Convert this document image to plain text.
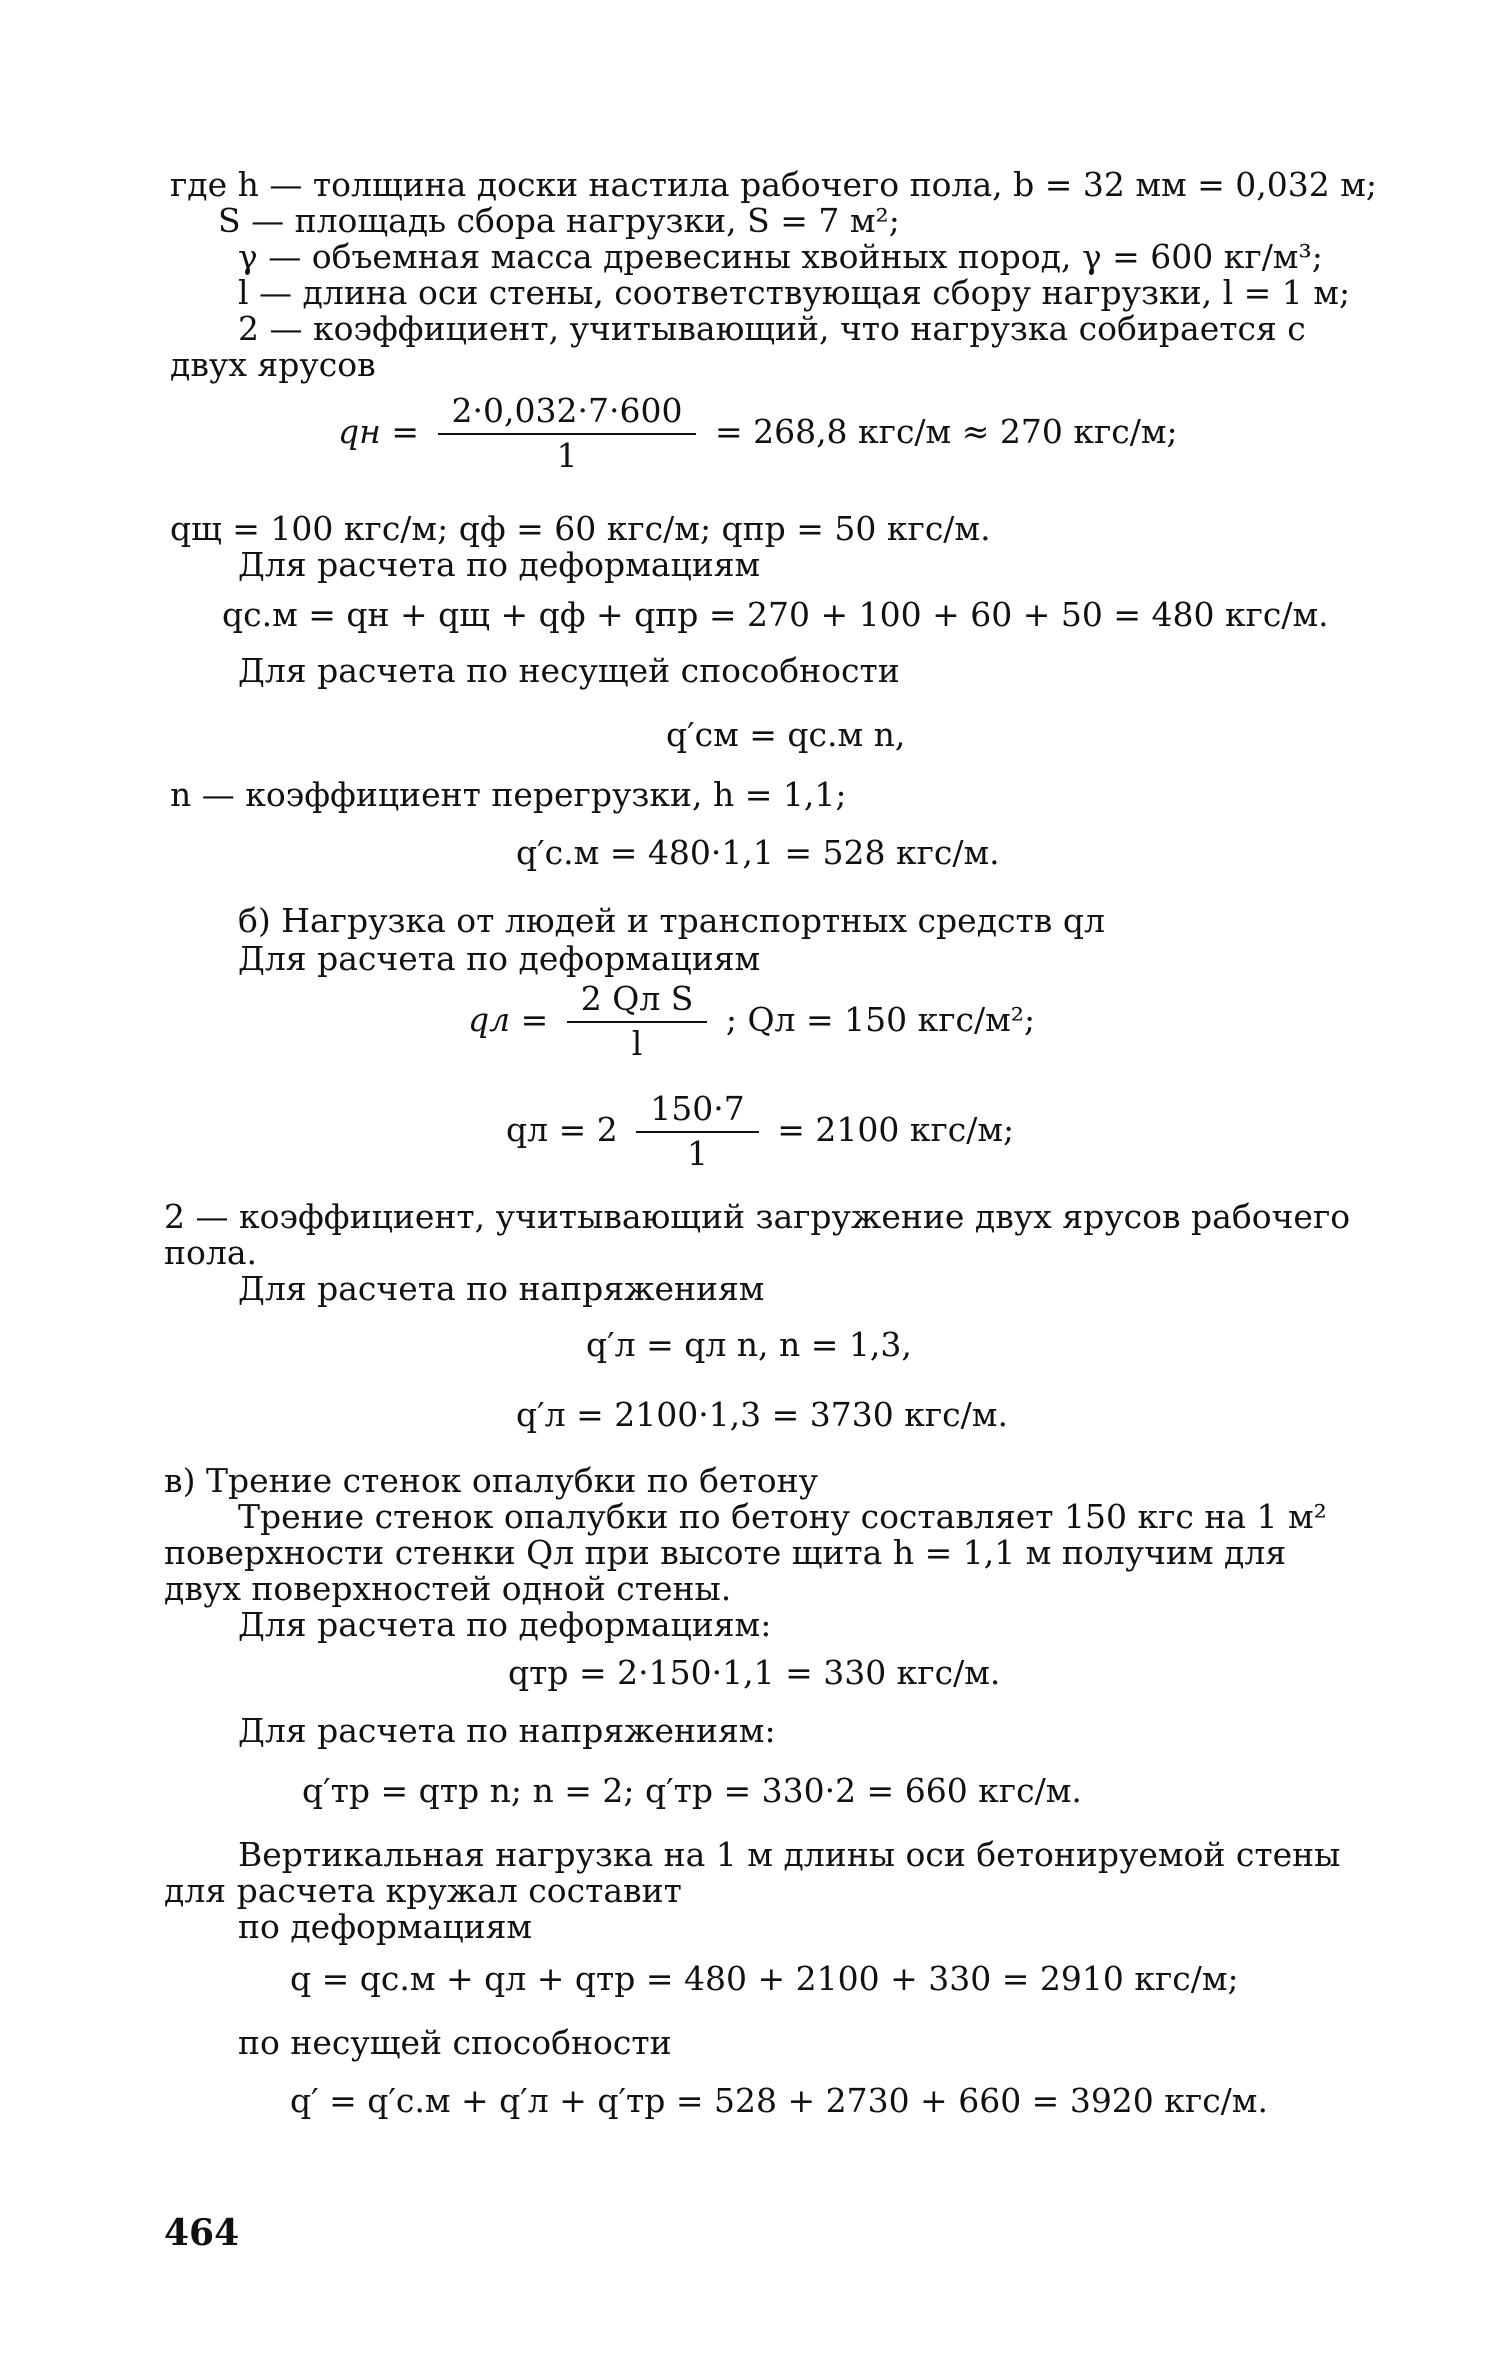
где h — толщина доски настила рабочего пола, b = 32 мм = 0,032 м;
S — площадь сбора нагрузки, S = 7 м²;
γ — объемная масса древесины хвойных пород, γ = 600 кг/м³;
l — длина оси стены, соответствующая сбору нагрузки, l = 1 м;
2 — коэффициент, учитывающий, что нагрузка собирается с
двух ярусов
qн = $\frac{2\cdot 0,032\cdot 7\cdot 600}{1} = 268,8$ кгс/м ≈ 270 кгс/м;
qщ = 100 кгс/м; qф = 60 кгс/м; qпр = 50 кгс/м.
Для расчета по деформациям
qс.м = qн + qщ + qф + qпр = 270 + 100 + 60 + 50 = 480 кгс/м.
Для расчета по несущей способности
q′см = qс.м n,
n — коэффициент перегрузки, h = 1,1;
q′с.м = 480·1,1 = 528 кгс/м.
б) Нагрузка от людей и транспортных средств qл
Для расчета по деформациям
qл = $\frac{\text{2 Qл S}}{l}$ ; Qл = 150 кгс/м²;
qл = $2 \frac{150\cdot 7}{1} = 2100$ кгс/м;
2 — коэффициент, учитывающий загружение двух ярусов рабочего
пола.
Для расчета по напряжениям
q′л = qл n, n = 1,3,
q′л = 2100·1,3 = 3730 кгс/м.
в) Трение стенок опалубки по бетону
Трение стенок опалубки по бетону составляет 150 кгс на 1 м²
поверхности стенки Qл при высоте щита h = 1,1 м получим для
двух поверхностей одной стены.
Для расчета по деформациям:
qтр = 2·150·1,1 = 330 кгс/м.
Для расчета по напряжениям:
q′тр = qтр n; n = 2; q′тр = 330·2 = 660 кгс/м.
Вертикальная нагрузка на 1 м длины оси бетонируемой стены
для расчета кружал составит
по деформациям
q = qс.м + qл + qтр = 480 + 2100 + 330 = 2910 кгс/м;
по несущей способности
q′ = q′с.м + q′л + q′тр = 528 + 2730 + 660 = 3920 кгс/м.
464
